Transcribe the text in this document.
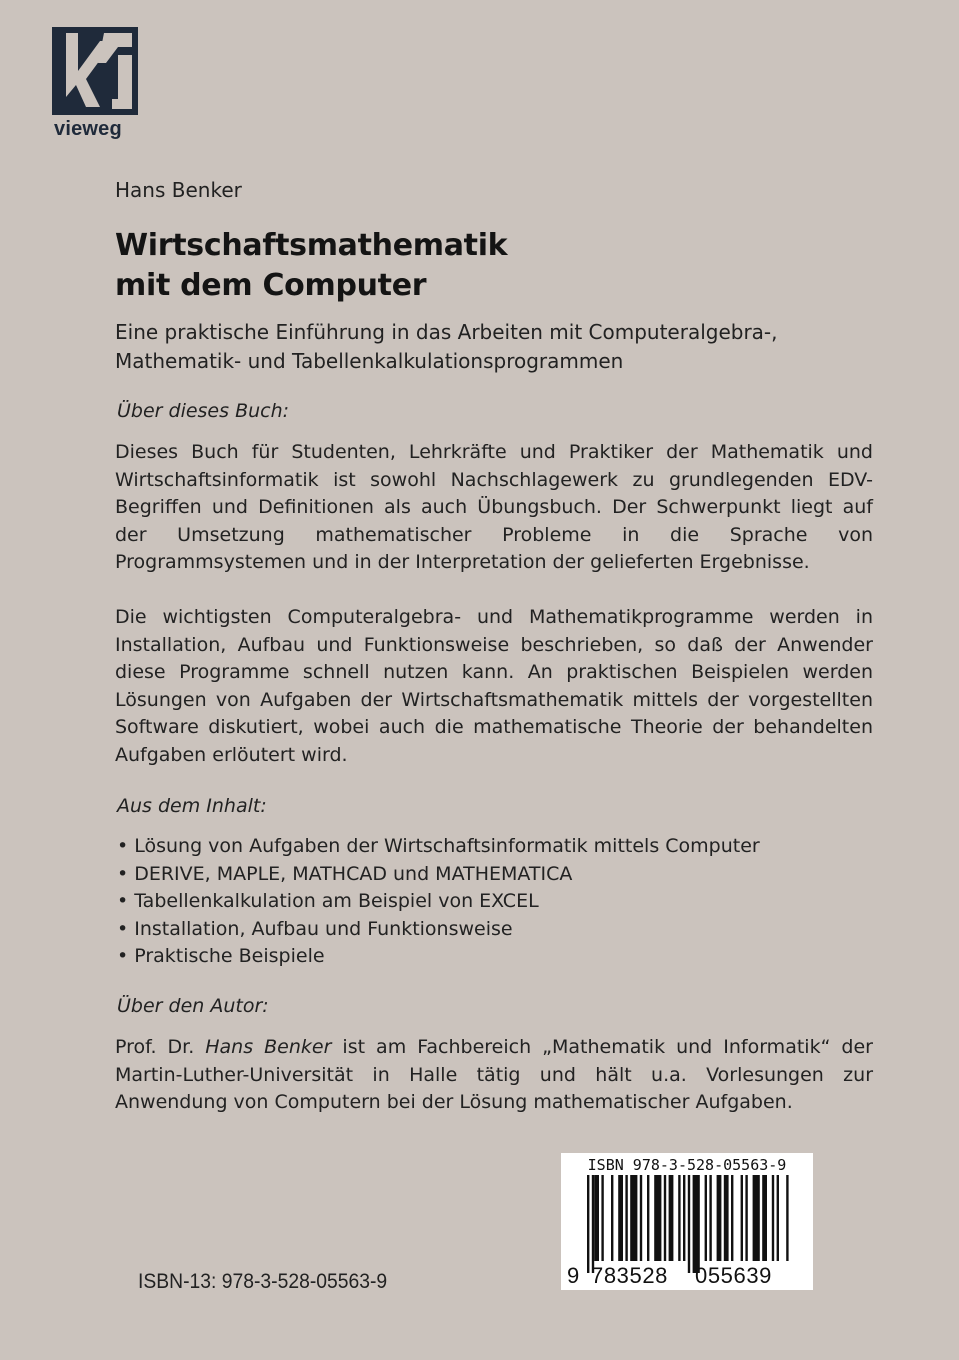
vieweg
Hans Benker
Wirtschaftsmathematik
mit dem Computer
Eine praktische Einführung in das Arbeiten mit Computeralgebra-, Mathematik- und Tabellenkalkulationsprogrammen
Über dieses Buch:
Dieses Buch für Studenten, Lehrkräfte und Praktiker der Mathematik und Wirtschaftsinformatik ist sowohl Nachschlagewerk zu grundlegenden EDV-Begriffen und Definitionen als auch Übungsbuch. Der Schwerpunkt liegt auf der Umsetzung mathematischer Probleme in die Sprache von Programmsystemen und in der Interpretation der gelieferten Ergebnisse.
Die wichtigsten Computeralgebra- und Mathematikprogramme werden in Installation, Aufbau und Funktionsweise beschrieben, so daß der Anwender diese Programme schnell nutzen kann. An praktischen Beispielen werden Lösungen von Aufgaben der Wirtschaftsmathematik mittels der vorgestellten Software diskutiert, wobei auch die mathematische Theorie der behandelten Aufgaben erlöutert wird.
Aus dem Inhalt:
• Lösung von Aufgaben der Wirtschaftsinformatik mittels Computer
• DERIVE, MAPLE, MATHCAD und MATHEMATICA
• Tabellenkalkulation am Beispiel von EXCEL
• Installation, Aufbau und Funktionsweise
• Praktische Beispiele
Über den Autor:
Prof. Dr. Hans Benker ist am Fachbereich „Mathematik und Informatik“ der Martin-Luther-Universität in Halle tätig und hält u.a. Vorlesungen zur Anwendung von Computern bei der Lösung mathematischer Aufgaben.
ISBN 978-3-528-05563-9
9 783528 055639
ISBN-13: 978-3-528-05563-9
